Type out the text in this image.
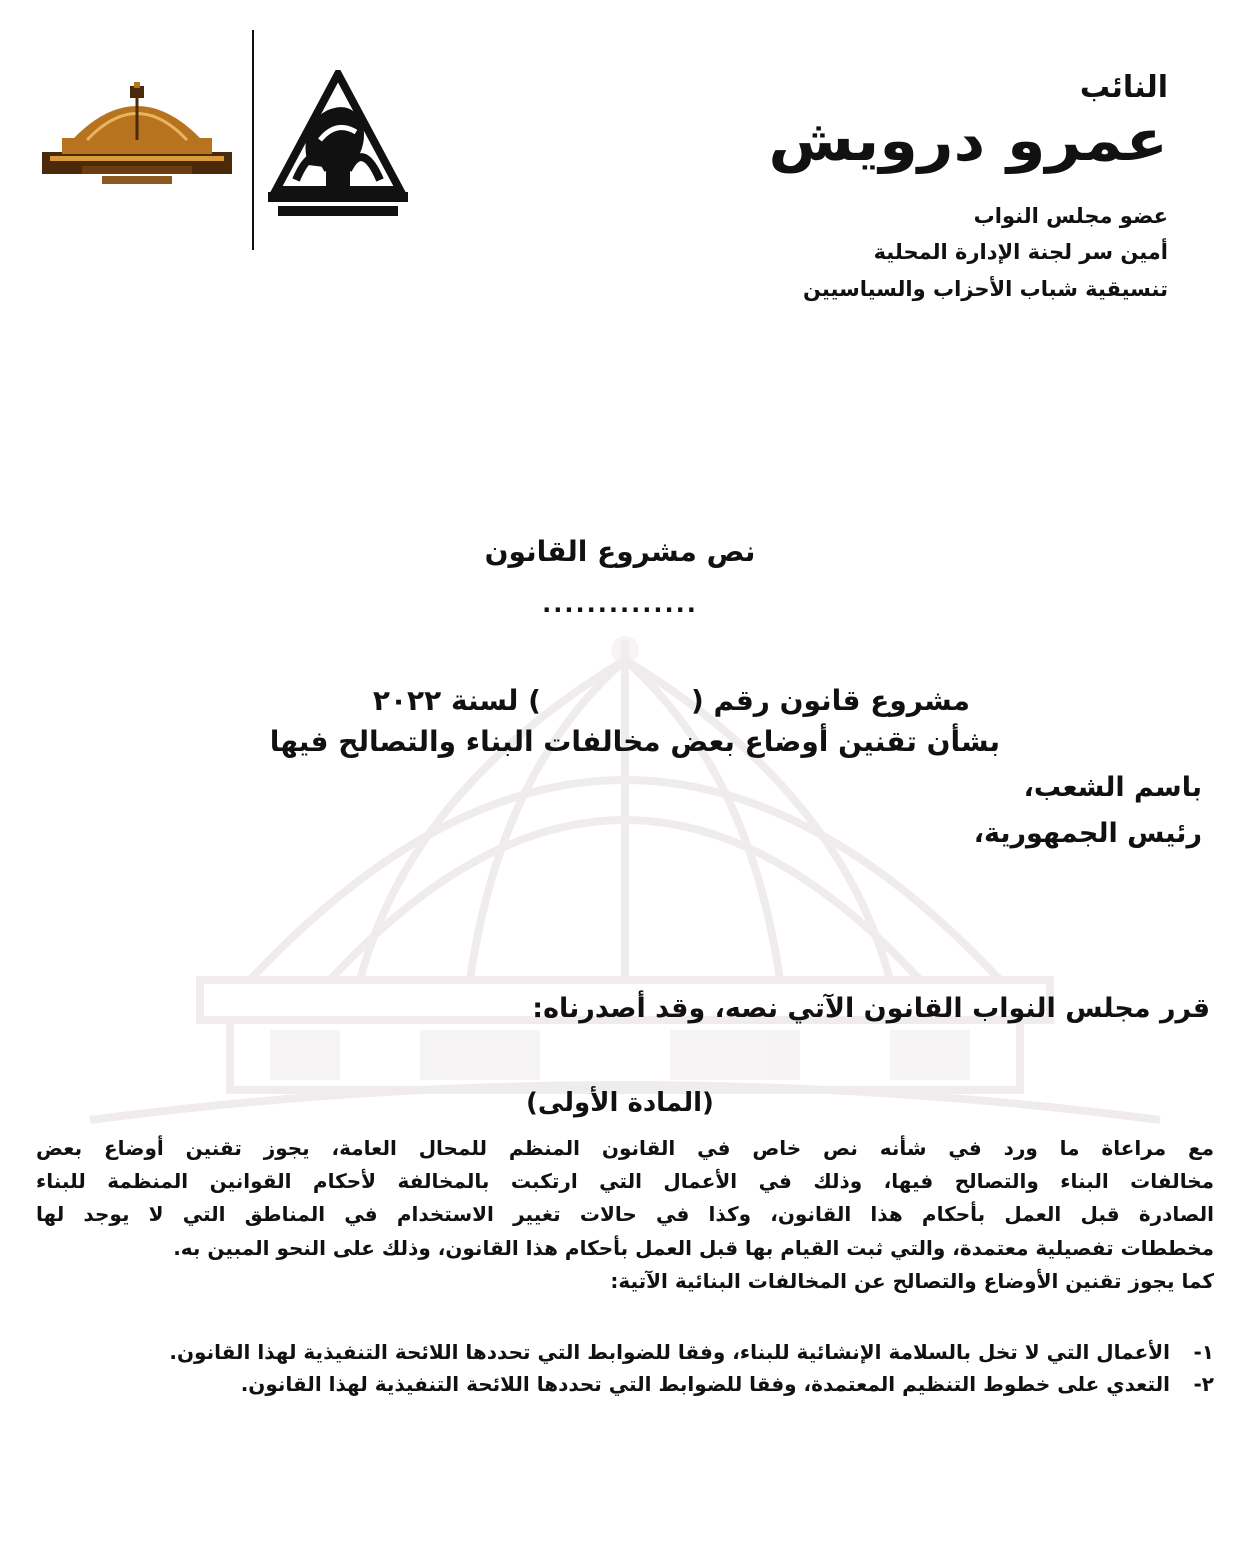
النائب
عمرو درويش
عضو مجلس النواب
أمين سر لجنة الإدارة المحلية
تنسيقية شباب الأحزاب والسياسيين
نص مشروع القانون
..............
مشروع قانون رقم () لسنة ٢٠٢٢
بشأن تقنين أوضاع بعض مخالفات البناء والتصالح فيها
باسم الشعب،
رئيس الجمهورية،
قرر مجلس النواب القانون الآتي نصه، وقد أصدرناه:
(المادة الأولى)
مع مراعاة ما ورد في شأنه نص خاص في القانون المنظم للمحال العامة، يجوز تقنين أوضاع بعض
مخالفات البناء والتصالح فيها، وذلك في الأعمال التي ارتكبت بالمخالفة لأحكام القوانين المنظمة للبناء
الصادرة قبل العمل بأحكام هذا القانون، وكذا في حالات تغيير الاستخدام في المناطق التي لا يوجد لها
مخططات تفصيلية معتمدة، والتي ثبت القيام بها قبل العمل بأحكام هذا القانون، وذلك على النحو المبين به.
كما يجوز تقنين الأوضاع والتصالح عن المخالفات البنائية الآتية:
١-
الأعمال التي لا تخل بالسلامة الإنشائية للبناء، وفقا للضوابط التي تحددها اللائحة التنفيذية لهذا القانون.
٢-
التعدي على خطوط التنظيم المعتمدة، وفقا للضوابط التي تحددها اللائحة التنفيذية لهذا القانون.
